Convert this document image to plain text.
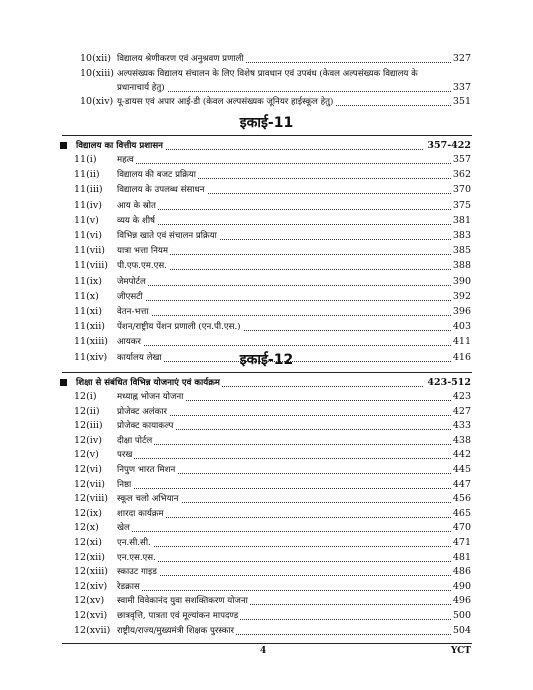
10(xii) विद्यालय श्रेणीकरण एवं अनुश्रवण प्रणाली	327
10(xiii) अल्पसंख्यक विद्यालय संचालन के लिए विशेष प्रावधान एवं उपबंध (केवल अल्पसंख्यक विद्यालय के
प्रधानाचार्य हेतु)	337
10(xiv) यू-डायस एवं अपार आई-डी (केवल अल्पसंख्यक जूनियर हाईस्कूल हेतु)	351
इकाई-11
विद्यालय का वित्तीय प्रशासन	357-422
11(i) महत्व	357
11(ii) विद्यालय की बजट प्रक्रिया	362
11(iii) विद्यालय के उपलब्ध संसाधन	370
11(iv) आय के स्रोत	375
11(v) व्यय के शीर्ष	381
11(vi) विभिन्न खाते एवं संचालन प्रक्रिया	383
11(vii) यात्रा भत्ता नियम	385
11(viii) पी.एफ.एम.एस.	388
11(ix) जेमपोर्टल	390
11(x) जीएसटी	392
11(xi) वेतन-भत्ता	396
11(xii) पेंशन/राष्ट्रीय पेंशन प्रणाली (एन.पी.एस.)	403
11(xiii) आयकर	411
11(xiv) कार्यालय लेखा	416
इकाई-12
शिक्षा से संबंधित विभिन्न योजनाएं एवं कार्यक्रम	423-512
12(i) मध्याह्न भोजन योजना	423
12(ii) प्रोजेक्ट अलंकार	427
12(iii) प्रोजेक्ट कायाकल्प	433
12(iv) दीक्षा पोर्टल	438
12(v) परख	442
12(vi) निपुण भारत मिशन	445
12(vii) निष्ठा	447
12(viii) स्कूल चलो अभियान	456
12(ix) शारदा कार्यक्रम	465
12(x) खेल	470
12(xi) एन.सी.सी.	471
12(xii) एन.एस.एस.	481
12(xiii) स्काउट गाइड	486
12(xiv) रेडक्रास	490
12(xv) स्वामी विवेकानंद युवा सशक्तिकरण योजना	496
12(xvi) छात्रवृत्ति, पात्रता एवं मूल्यांकन मापदण्ड	500
12(xvii) राष्ट्रीय/राज्य/मुख्यमंत्री शिक्षक पुरस्कार	504
4	YCT
